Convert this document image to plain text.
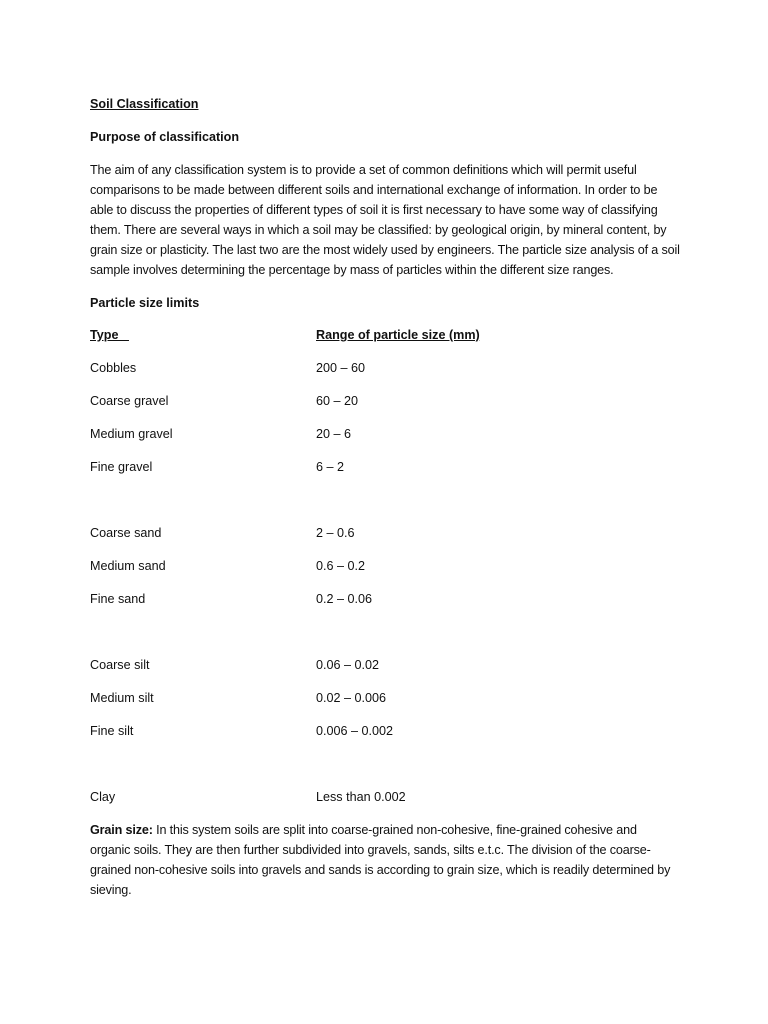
Soil Classification
Purpose of classification

The aim of any classification system is to provide a set of common definitions which will permit useful comparisons to be made between different soils and international exchange of information. In order to be able to discuss the properties of different types of soil it is first necessary to have some way of classifying them. There are several ways in which a soil may be classified: by geological origin, by mineral content, by grain size or plasticity. The last two are the most widely used by engineers. The particle size analysis of a soil sample involves determining the percentage by mass of particles within the different size ranges.

Particle size limits
Type	Range of particle size (mm)
Cobbles	200 – 60
Coarse gravel	60 – 20
Medium gravel	20 – 6
Fine gravel	6 – 2
Coarse sand	2 – 0.6
Medium sand	0.6 – 0.2
Fine sand	0.2 – 0.06
Coarse silt	0.06 – 0.02
Medium silt	0.02 – 0.006
Fine silt	0.006 – 0.002
Clay	Less than 0.002

Grain size: In this system soils are split into coarse-grained non-cohesive, fine-grained cohesive and organic soils. They are then further subdivided into gravels, sands, silts e.t.c. The division of the coarse-grained non-cohesive soils into gravels and sands is according to grain size, which is readily determined by sieving.
